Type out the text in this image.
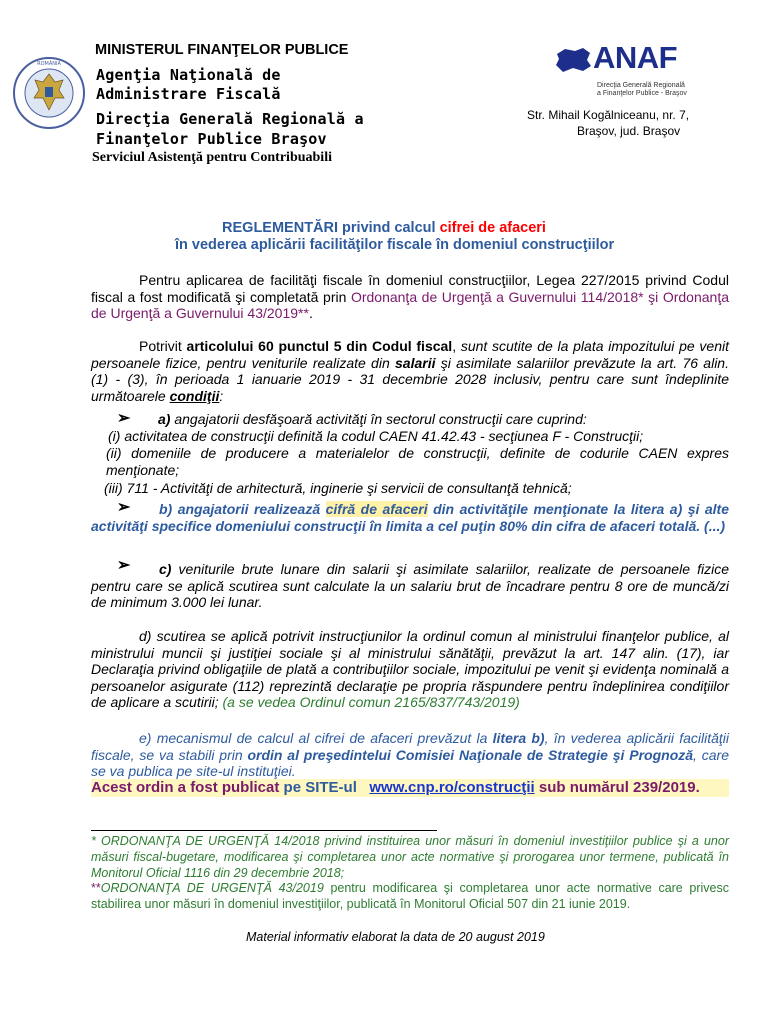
ROMÂNIA
MINISTERUL FINANŢELOR PUBLICE
Agenţia Naţională de
Administrare Fiscală
Direcţia Generală Regională a
Finanţelor Publice Braşov
Serviciul Asistenţă pentru Contribuabili
ANAF
Direcţia Generală Regională
a Finanţelor Publice - Braşov
Str. Mihail Kogălniceanu, nr. 7,
Braşov, jud. Braşov
REGLEMENTĂRI privind calcul cifrei de afaceri
în vederea aplicării facilităţilor fiscale în domeniul construcţiilor
Pentru aplicarea de facilităţi fiscale în domeniul construcţiilor, Legea 227/2015 privind Codul fiscal a fost modificată şi completată prin Ordonanţa de Urgenţă a Guvernului 114/2018* şi Ordonanţa de Urgenţă a Guvernului 43/2019**.
Potrivit articolului 60 punctul 5 din Codul fiscal, sunt scutite de la plata impozitului pe venit persoanele fizice, pentru veniturile realizate din salarii şi asimilate salariilor prevăzute la art. 76 alin. (1) - (3), în perioada 1 ianuarie 2019 - 31 decembrie 2028 inclusiv, pentru care sunt îndeplinite următoarele condiţii:
➢ a) angajatorii desfăşoară activităţi în sectorul construcţii care cuprind:
(i) activitatea de construcţii definită la codul CAEN 41.42.43 - secţiunea F - Construcţii;
(ii) domeniile de producere a materialelor de construcţii, definite de codurile CAEN expres menţionate;
(iii) 711 - Activităţi de arhitectură, inginerie şi servicii de consultanţă tehnică;
➢	b) angajatorii realizează cifră de afaceri din activităţile menţionate la litera a) şi alte activităţi specifice domeniului construcţii în limita a cel puţin 80% din cifra de afaceri totală. (...)
➢	c) veniturile brute lunare din salarii şi asimilate salariilor, realizate de persoanele fizice pentru care se aplică scutirea sunt calculate la un salariu brut de încadrare pentru 8 ore de muncă/zi de minimum 3.000 lei lunar.
d) scutirea se aplică potrivit instrucţiunilor la ordinul comun al ministrului finanţelor publice, al ministrului muncii şi justiţiei sociale şi al ministrului sănătăţii, prevăzut la art. 147 alin. (17), iar Declaraţia privind obligaţiile de plată a contribuţiilor sociale, impozitului pe venit şi evidenţa nominală a persoanelor asigurate (112) reprezintă declaraţie pe propria răspundere pentru îndeplinirea condiţiilor de aplicare a scutirii; (a se vedea Ordinul comun 2165/837/743/2019)
e) mecanismul de calcul al cifrei de afaceri prevăzut la litera b), în vederea aplicării facilităţii fiscale, se va stabili prin ordin al preşedintelui Comisiei Naţionale de Strategie şi Prognoză, care se va publica pe site-ul instituţiei.
Acest ordin a fost publicat pe SITE-ul www.cnp.ro/construcţii sub numărul 239/2019.
* ORDONANŢA DE URGENŢĂ 14/2018 privind instituirea unor măsuri în domeniul investiţiilor publice şi a unor măsuri fiscal-bugetare, modificarea şi completarea unor acte normative şi prorogarea unor termene, publicată în Monitorul Oficial 1116 din 29 decembrie 2018;
**ORDONANŢA DE URGENŢĂ 43/2019 pentru modificarea şi completarea unor acte normative care privesc stabilirea unor măsuri în domeniul investiţiilor, publicată în Monitorul Oficial 507 din 21 iunie 2019.
Material informativ elaborat la data de 20 august 2019
